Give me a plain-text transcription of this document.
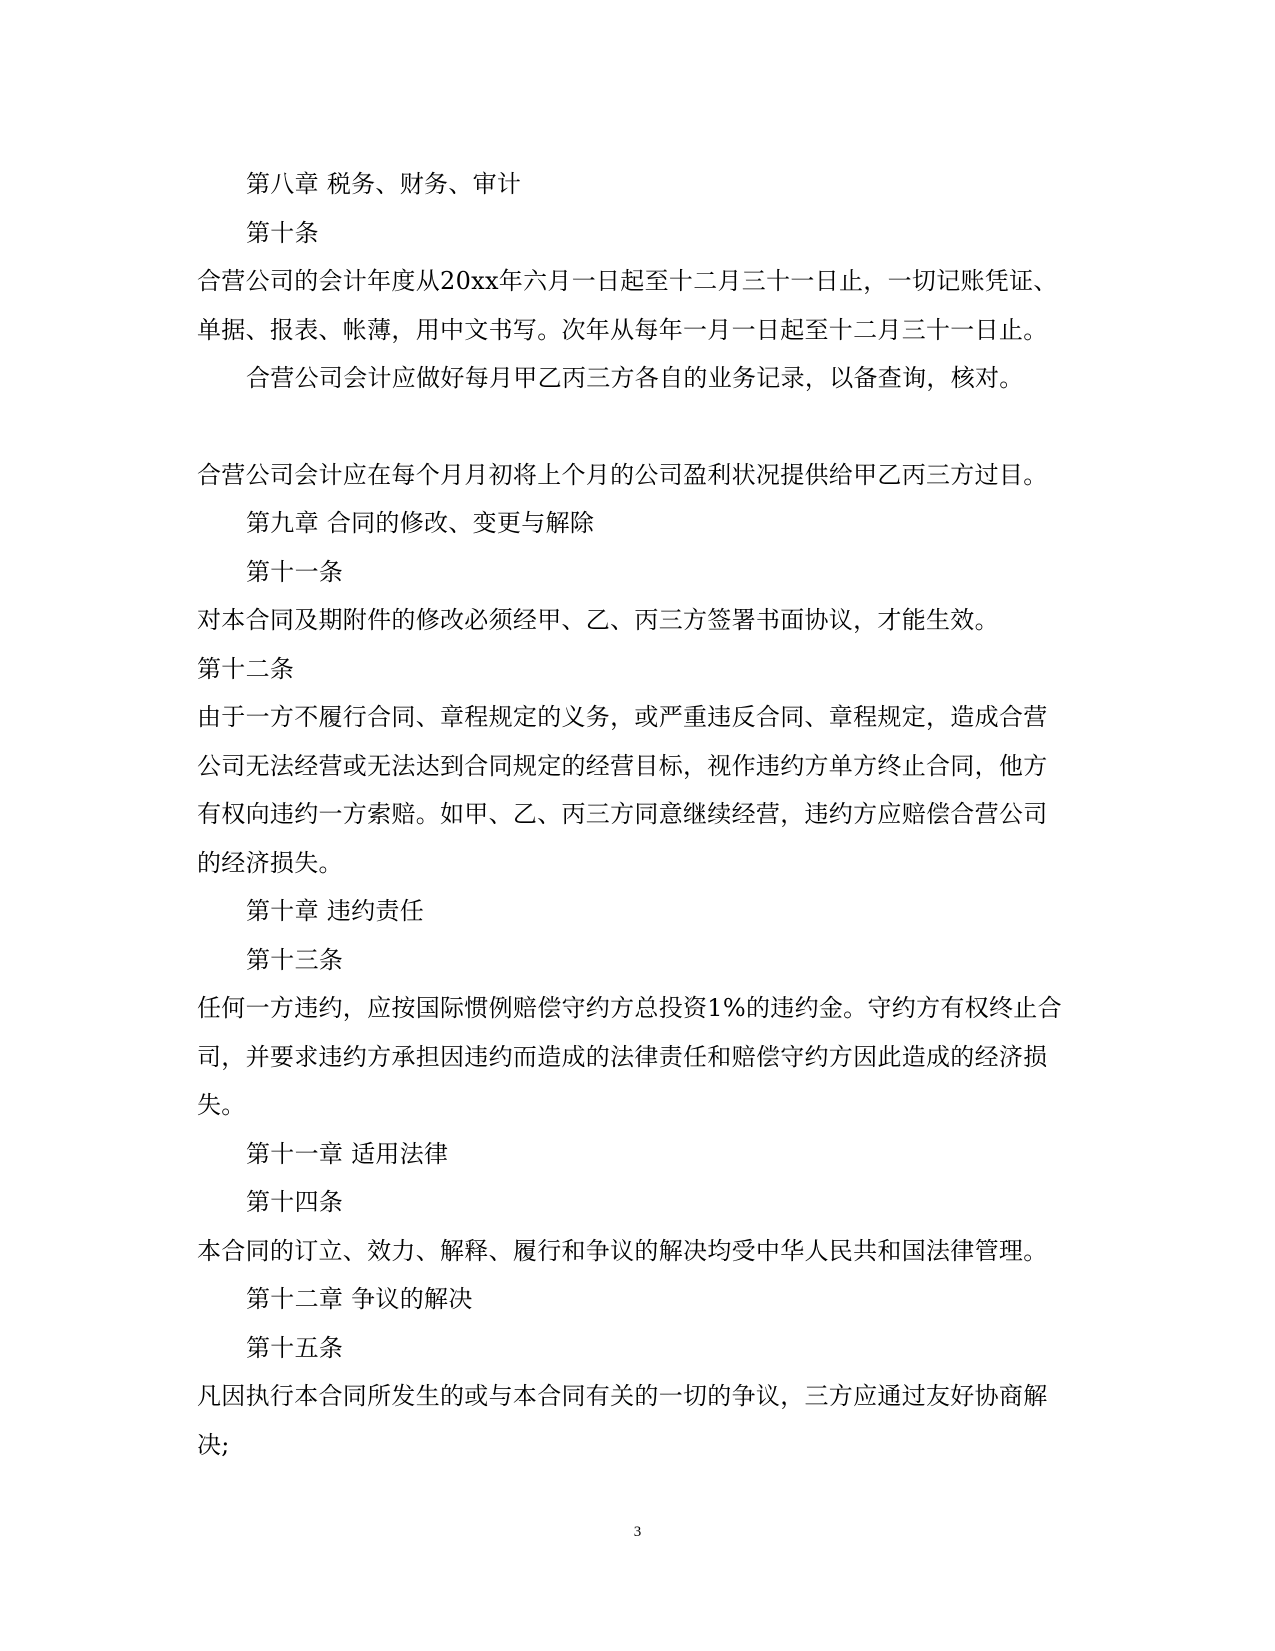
第八章 税务、财务、审计
第十条
合营公司的会计年度从20xx年六月一日起至十二月三十一日止，一切记账凭证、
单据、报表、帐薄，用中文书写。次年从每年一月一日起至十二月三十一日止。
合营公司会计应做好每月甲乙丙三方各自的业务记录，以备查询，核对。
合营公司会计应在每个月月初将上个月的公司盈利状况提供给甲乙丙三方过目。
第九章 合同的修改、变更与解除
第十一条
对本合同及期附件的修改必须经甲、乙、丙三方签署书面协议，才能生效。
第十二条
由于一方不履行合同、章程规定的义务，或严重违反合同、章程规定，造成合营
公司无法经营或无法达到合同规定的经营目标，视作违约方单方终止合同，他方
有权向违约一方索赔。如甲、乙、丙三方同意继续经营，违约方应赔偿合营公司
的经济损失。
第十章 违约责任
第十三条
任何一方违约，应按国际惯例赔偿守约方总投资1%的违约金。守约方有权终止合
司，并要求违约方承担因违约而造成的法律责任和赔偿守约方因此造成的经济损
失。
第十一章 适用法律
第十四条
本合同的订立、效力、解释、履行和争议的解决均受中华人民共和国法律管理。
第十二章 争议的解决
第十五条
凡因执行本合同所发生的或与本合同有关的一切的争议，三方应通过友好协商解
决;
3
